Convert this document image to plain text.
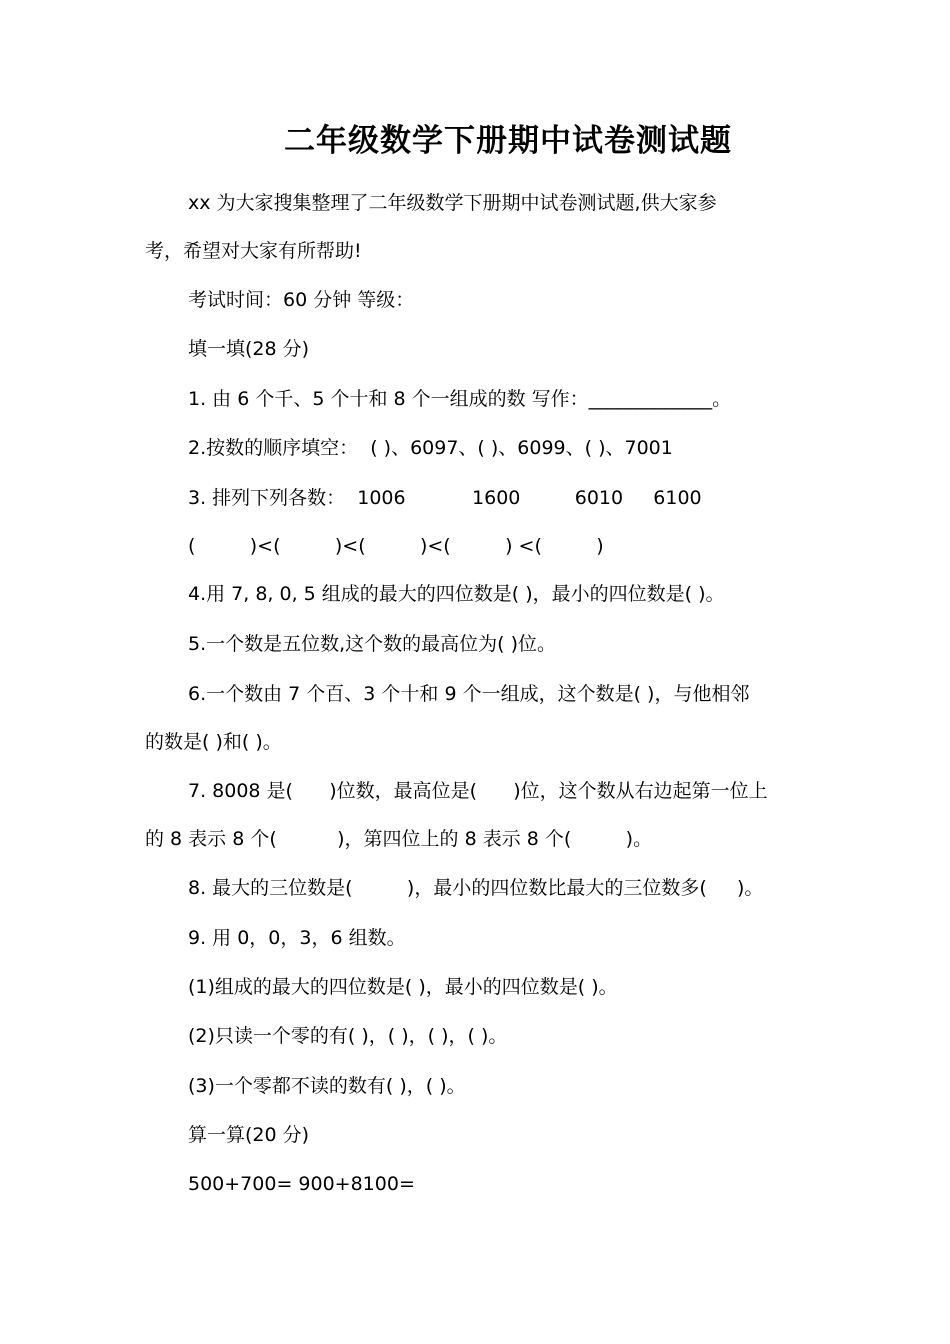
二年级数学下册期中试卷测试题
xx 为大家搜集整理了二年级数学下册期中试卷测试题,供大家参
考，希望对大家有所帮助!
考试时间：60 分钟 等级：
填一填(28 分)
1. 由 6 个千、5 个十和 8 个一组成的数 写作：_____________。
2.按数的顺序填空：  ( )、6097、( )、6099、( )、7001
3. 排列下列各数：  1006           1600         6010     6100
(         )<(         )<(         )<(         ) <(         )
4.用 7, 8, 0, 5 组成的最大的四位数是( )，最小的四位数是( )。
5.一个数是五位数,这个数的最高位为( )位。
6.一个数由 7 个百、3 个十和 9 个一组成，这个数是( )，与他相邻
的数是( )和( )。
7. 8008 是(      )位数，最高位是(      )位，这个数从右边起第一位上
的 8 表示 8 个(          )，第四位上的 8 表示 8 个(         )。
8. 最大的三位数是(         )，最小的四位数比最大的三位数多(     )。
9. 用 0，0，3，6 组数。
(1)组成的最大的四位数是( )，最小的四位数是( )。
(2)只读一个零的有( )，( )，( )，( )。
(3)一个零都不读的数有( )，( )。
算一算(20 分)
500+700= 900+8100=
